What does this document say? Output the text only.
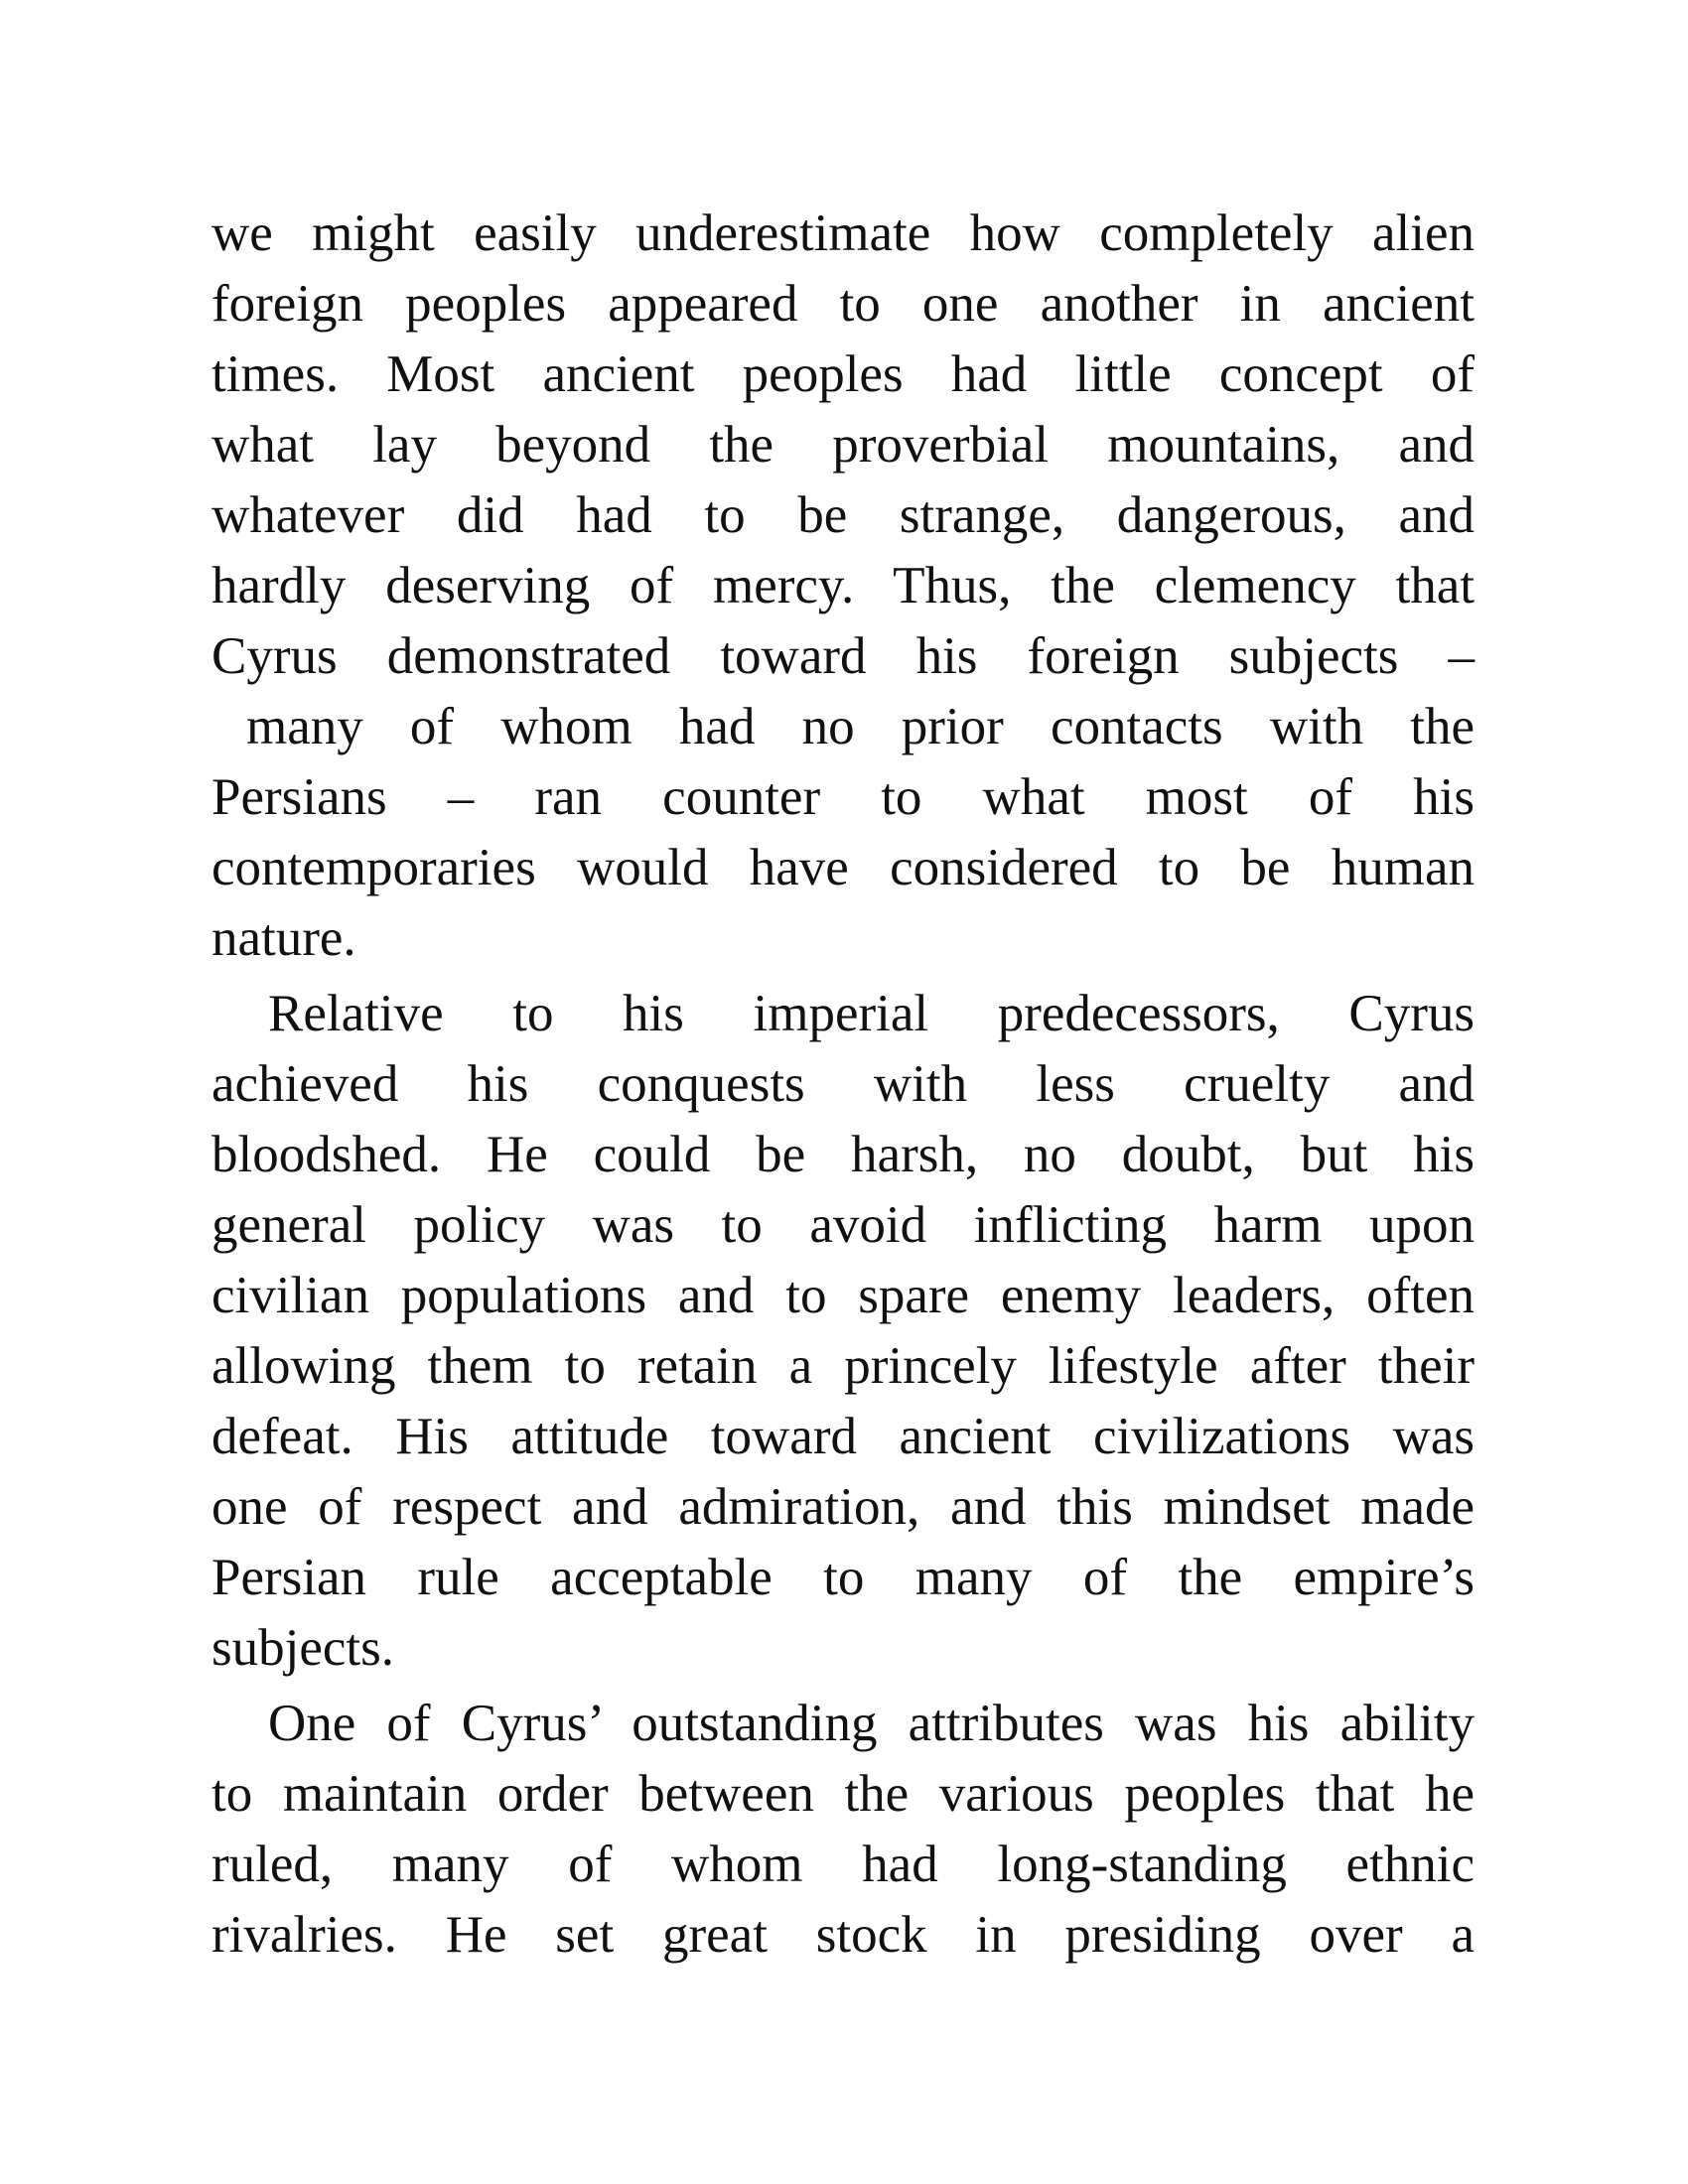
we might easily underestimate how completely alien
foreign peoples appeared to one another in ancient
times. Most ancient peoples had little concept of
what lay beyond the proverbial mountains, and
whatever did had to be strange, dangerous, and
hardly deserving of mercy. Thus, the clemency that
Cyrus demonstrated toward his foreign subjects –
many of whom had no prior contacts with the
Persians – ran counter to what most of his
contemporaries would have considered to be human
nature.
Relative to his imperial predecessors, Cyrus
achieved his conquests with less cruelty and
bloodshed. He could be harsh, no doubt, but his
general policy was to avoid inflicting harm upon
civilian populations and to spare enemy leaders, often
allowing them to retain a princely lifestyle after their
defeat. His attitude toward ancient civilizations was
one of respect and admiration, and this mindset made
Persian rule acceptable to many of the empire’s
subjects.
One of Cyrus’ outstanding attributes was his ability
to maintain order between the various peoples that he
ruled, many of whom had long-standing ethnic
rivalries. He set great stock in presiding over a
